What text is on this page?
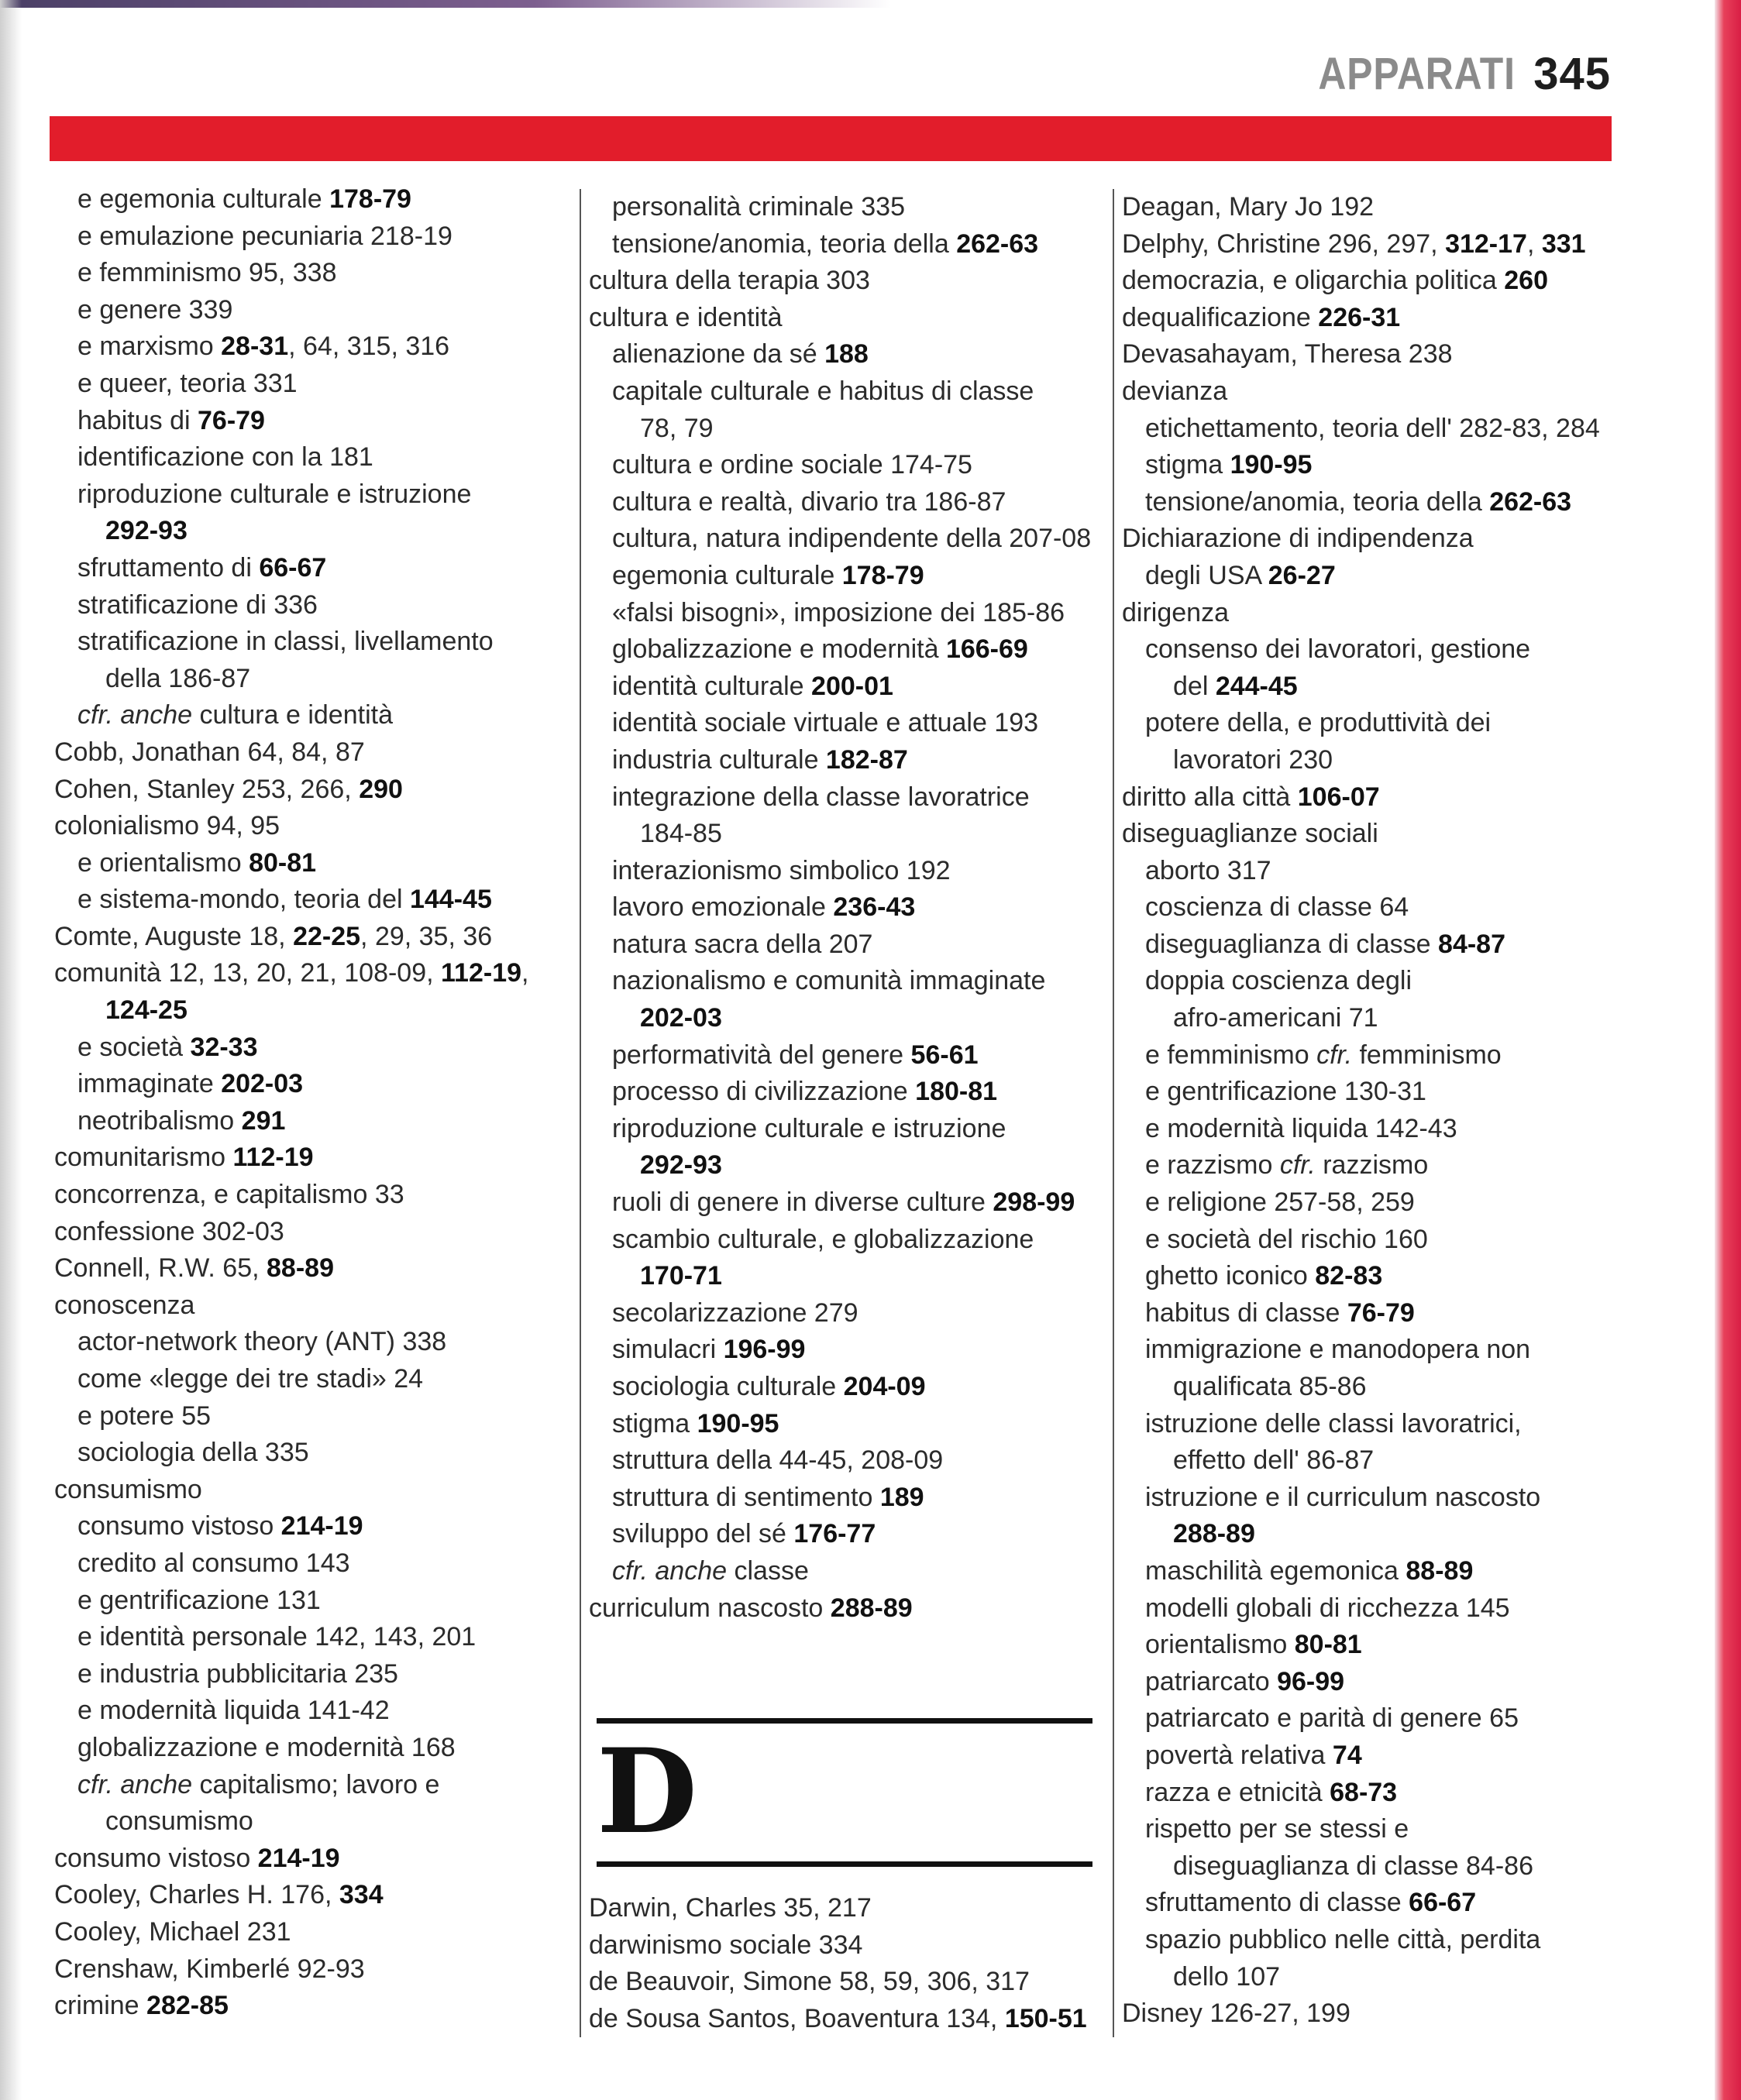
APPARATI 345
e egemonia culturale 178-79
e emulazione pecuniaria 218-19
e femminismo 95, 338
e genere 339
e marxismo 28-31, 64, 315, 316
e queer, teoria 331
habitus di 76-79
identificazione con la 181
riproduzione culturale e istruzione
292-93
sfruttamento di 66-67
stratificazione di 336
stratificazione in classi, livellamento
della 186-87
cfr. anche cultura e identità
Cobb, Jonathan 64, 84, 87
Cohen, Stanley 253, 266, 290
colonialismo 94, 95
e orientalismo 80-81
e sistema-mondo, teoria del 144-45
Comte, Auguste 18, 22-25, 29, 35, 36
comunità 12, 13, 20, 21, 108-09, 112-19,
124-25
e società 32-33
immaginate 202-03
neotribalismo 291
comunitarismo 112-19
concorrenza, e capitalismo 33
confessione 302-03
Connell, R.W. 65, 88-89
conoscenza
actor-network theory (ANT) 338
come «legge dei tre stadi» 24
e potere 55
sociologia della 335
consumismo
consumo vistoso 214-19
credito al consumo 143
e gentrificazione 131
e identità personale 142, 143, 201
e industria pubblicitaria 235
e modernità liquida 141-42
globalizzazione e modernità 168
cfr. anche capitalismo; lavoro e
consumismo
consumo vistoso 214-19
Cooley, Charles H. 176, 334
Cooley, Michael 231
Crenshaw, Kimberlé 92-93
crimine 282-85
personalità criminale 335
tensione/anomia, teoria della 262-63
cultura della terapia 303
cultura e identità
alienazione da sé 188
capitale culturale e habitus di classe
78, 79
cultura e ordine sociale 174-75
cultura e realtà, divario tra 186-87
cultura, natura indipendente della 207-08
egemonia culturale 178-79
«falsi bisogni», imposizione dei 185-86
globalizzazione e modernità 166-69
identità culturale 200-01
identità sociale virtuale e attuale 193
industria culturale 182-87
integrazione della classe lavoratrice
184-85
interazionismo simbolico 192
lavoro emozionale 236-43
natura sacra della 207
nazionalismo e comunità immaginate
202-03
performatività del genere 56-61
processo di civilizzazione 180-81
riproduzione culturale e istruzione
292-93
ruoli di genere in diverse culture 298-99
scambio culturale, e globalizzazione
170-71
secolarizzazione 279
simulacri 196-99
sociologia culturale 204-09
stigma 190-95
struttura della 44-45, 208-09
struttura di sentimento 189
sviluppo del sé 176-77
cfr. anche classe
curriculum nascosto 288-89
D
Darwin, Charles 35, 217
darwinismo sociale 334
de Beauvoir, Simone 58, 59, 306, 317
de Sousa Santos, Boaventura 134, 150-51
Deagan, Mary Jo 192
Delphy, Christine 296, 297, 312-17, 331
democrazia, e oligarchia politica 260
dequalificazione 226-31
Devasahayam, Theresa 238
devianza
etichettamento, teoria dell' 282-83, 284
stigma 190-95
tensione/anomia, teoria della 262-63
Dichiarazione di indipendenza
degli USA 26-27
dirigenza
consenso dei lavoratori, gestione
del 244-45
potere della, e produttività dei
lavoratori 230
diritto alla città 106-07
diseguaglianze sociali
aborto 317
coscienza di classe 64
diseguaglianza di classe 84-87
doppia coscienza degli
afro-americani 71
e femminismo cfr. femminismo
e gentrificazione 130-31
e modernità liquida 142-43
e razzismo cfr. razzismo
e religione 257-58, 259
e società del rischio 160
ghetto iconico 82-83
habitus di classe 76-79
immigrazione e manodopera non
qualificata 85-86
istruzione delle classi lavoratrici,
effetto dell' 86-87
istruzione e il curriculum nascosto
288-89
maschilità egemonica 88-89
modelli globali di ricchezza 145
orientalismo 80-81
patriarcato 96-99
patriarcato e parità di genere 65
povertà relativa 74
razza e etnicità 68-73
rispetto per se stessi e
diseguaglianza di classe 84-86
sfruttamento di classe 66-67
spazio pubblico nelle città, perdita
dello 107
Disney 126-27, 199
